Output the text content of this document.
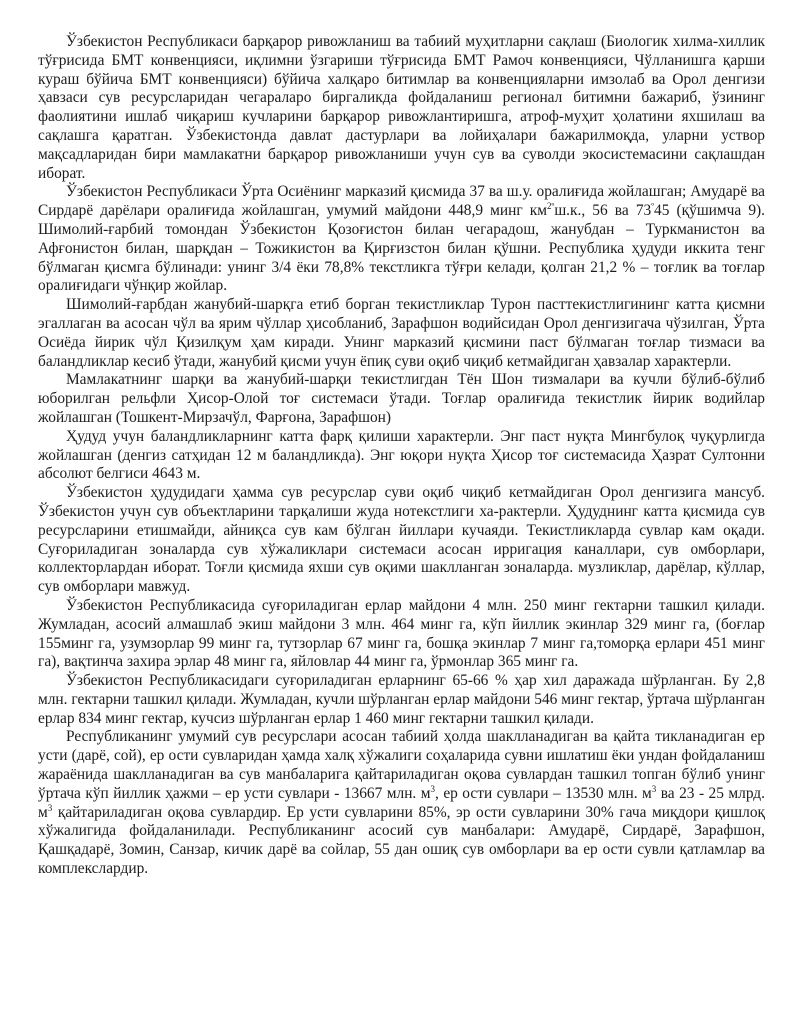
Ўзбекистон Республикаси барқарор ривожланиш ва табиий муҳитларни сақлаш (Биологик хилма-хиллик тўғрисида БМТ конвенцияси, иқлимни ўзгариши тўғрисида БМТ Рамоч конвенцияси, Чўлланишга қарши кураш бўйича БМТ конвенцияси) бўйича халқаро битимлар ва конвенцияларни имзолаб ва Орол денгизи ҳавзаси сув ресурсларидан чегараларо биргаликда фойдаланиш регионал битимни бажариб, ўзининг фаолиятини ишлаб чиқариш кучларини барқарор ривожлантиришга, атроф-муҳит ҳолатини яхшилаш ва сақлашга қаратган. Ўзбекистонда давлат дастурлари ва лойиҳалари бажарилмоқда, уларни уствор мақсадларидан бири мамлакатни барқарор ривожланиши учун сув ва суволди экосистемасини сақлашдан иборат.

Ўзбекистон Республикаси Ўрта Осиёнинг марказий қисмида 37 ва ш.у. оралиғида жойлашган; Амударё ва Сирдарё дарёлари оралиғида жойлашган, умумий майдони 448,9 минг $км^{2º}ш.к$., 56 ва $73^º45$ (қўшимча 9). Шимолий-ғарбий томондан Ўзбекистон Қозоғистон билан чегарадош, жанубдан – Туркманистон ва Афғонистон билан, шарқдан – Тожикистон ва Қирғизстон билан қўшни. Республика ҳудуди иккита тенг бўлмаган қисмга бўлинади: унинг 3/4 ёки 78,8% текстликга тўғри келади, қолган 21,2 % – тоғлик ва тоғлар оралиғидаги чўнқир жойлар.

Шимолий-ғарбдан жанубий-шарқга етиб борган текистликлар Турон пасттекистлигининг катта қисмни эгаллаган ва асосан чўл ва ярим чўллар ҳисобланиб, Зарафшон водийсидан Орол денгизигача чўзилган, Ўрта Осиёда йирик чўл Қизилқум ҳам киради. Унинг марказий қисмини паст бўлмаган тоғлар тизмаси ва баландликлар кесиб ўтади, жанубий қисми учун ёпиқ суви оқиб чиқиб кетмайдиган ҳавзалар характерли.

Мамлакатнинг шарқи ва жанубий-шарқи текистлигдан Тён Шон тизмалари ва кучли бўлиб-бўлиб юборилган рельфли Ҳисор-Олой тоғ системаси ўтади. Тоғлар оралиғида текистлик йирик водийлар жойлашган (Тошкент-Мирзачўл, Фарғона, Зарафшон)

Ҳудуд учун баландликларнинг катта фарқ қилиши характерли. Энг паст нуқта Мингбулоқ чуқурлигда жойлашган (денгиз сатҳидан 12 м баландликда). Энг юқори нуқта Ҳисор тоғ системасида Ҳазрат Султонни абсолют белгиси 4643 м.

Ўзбекистон ҳудудидаги ҳамма сув ресурслар суви оқиб чиқиб кетмайдиган Орол денгизига мансуб. Ўзбекистон учун сув объектларини тарқалиши жуда нотекстлиги ха-рактерли. Ҳудуднинг катта қисмида сув ресурсларини етишмайди, айниқса сув кам бўлган йиллари кучаяди. Текистликларда сувлар кам оқади. Суғориладиган зоналарда сув хўжаликлари системаси асосан ирригация каналлари, сув омборлари, коллекторлардан иборат. Тоғли қисмида яхши сув оқими шаклланган зоналарда. музликлар, дарёлар, кўллар, сув омборлари мавжуд.

Ўзбекистон Республикасида суғориладиган ерлар майдони 4 млн. 250 минг гектарни ташкил қилади. Жумладан, асосий алмашлаб экиш майдони 3 млн. 464 минг га, кўп йиллик экинлар 329 минг га, (боғлар 155минг га, узумзорлар 99 минг га, тутзорлар 67 минг га, бошқа экинлар 7 минг га,томорқа ерлари 451 минг га), вақтинча захира эрлар 48 минг га, яйловлар 44 минг га, ўрмонлар 365 минг га.

Ўзбекистон Республикасидаги суғориладиган ерларнинг 65-66 % ҳар хил даражада шўрланган. Бу 2,8 млн. гектарни ташкил қилади. Жумладан, кучли шўрланган ерлар майдони 546 минг гектар, ўртача шўрланган ерлар 834 минг гектар, кучсиз шўрланган ерлар 1 460 минг гектарни ташкил қилади.

Республиканинг умумий сув ресурслари асосан табиий ҳолда шаклланадиган ва қайта тикланадиган ер усти (дарё, сой), ер ости сувларидан ҳамда халқ хўжалиги соҳаларида сувни ишлатиш ёки ундан фойдаланиш жараёнида шаклланадиган ва сув манбаларига қайтариладиган оқова сувлардан ташкил топган бўлиб унинг ўртача кўп йиллик ҳажми – ер усти сувлари - 13667 млн. $м^3$, ер ости сувлари – 13530 млн. $м^3$ ва 23 - 25 млрд. $м^3$ қайтариладиган оқова сувлардир. Ер усти сувларини 85%, эр ости сувларини 30% гача миқдори қишлоқ хўжалигида фойдаланилади. Республиканинг асосий сув манбалари: Амударё, Сирдарё, Зарафшон, Қашқадарё, Зомин, Санзар, кичик дарё ва сойлар, 55 дан ошиқ сув омборлари ва ер ости сувли қатламлар ва комплекслардир.
